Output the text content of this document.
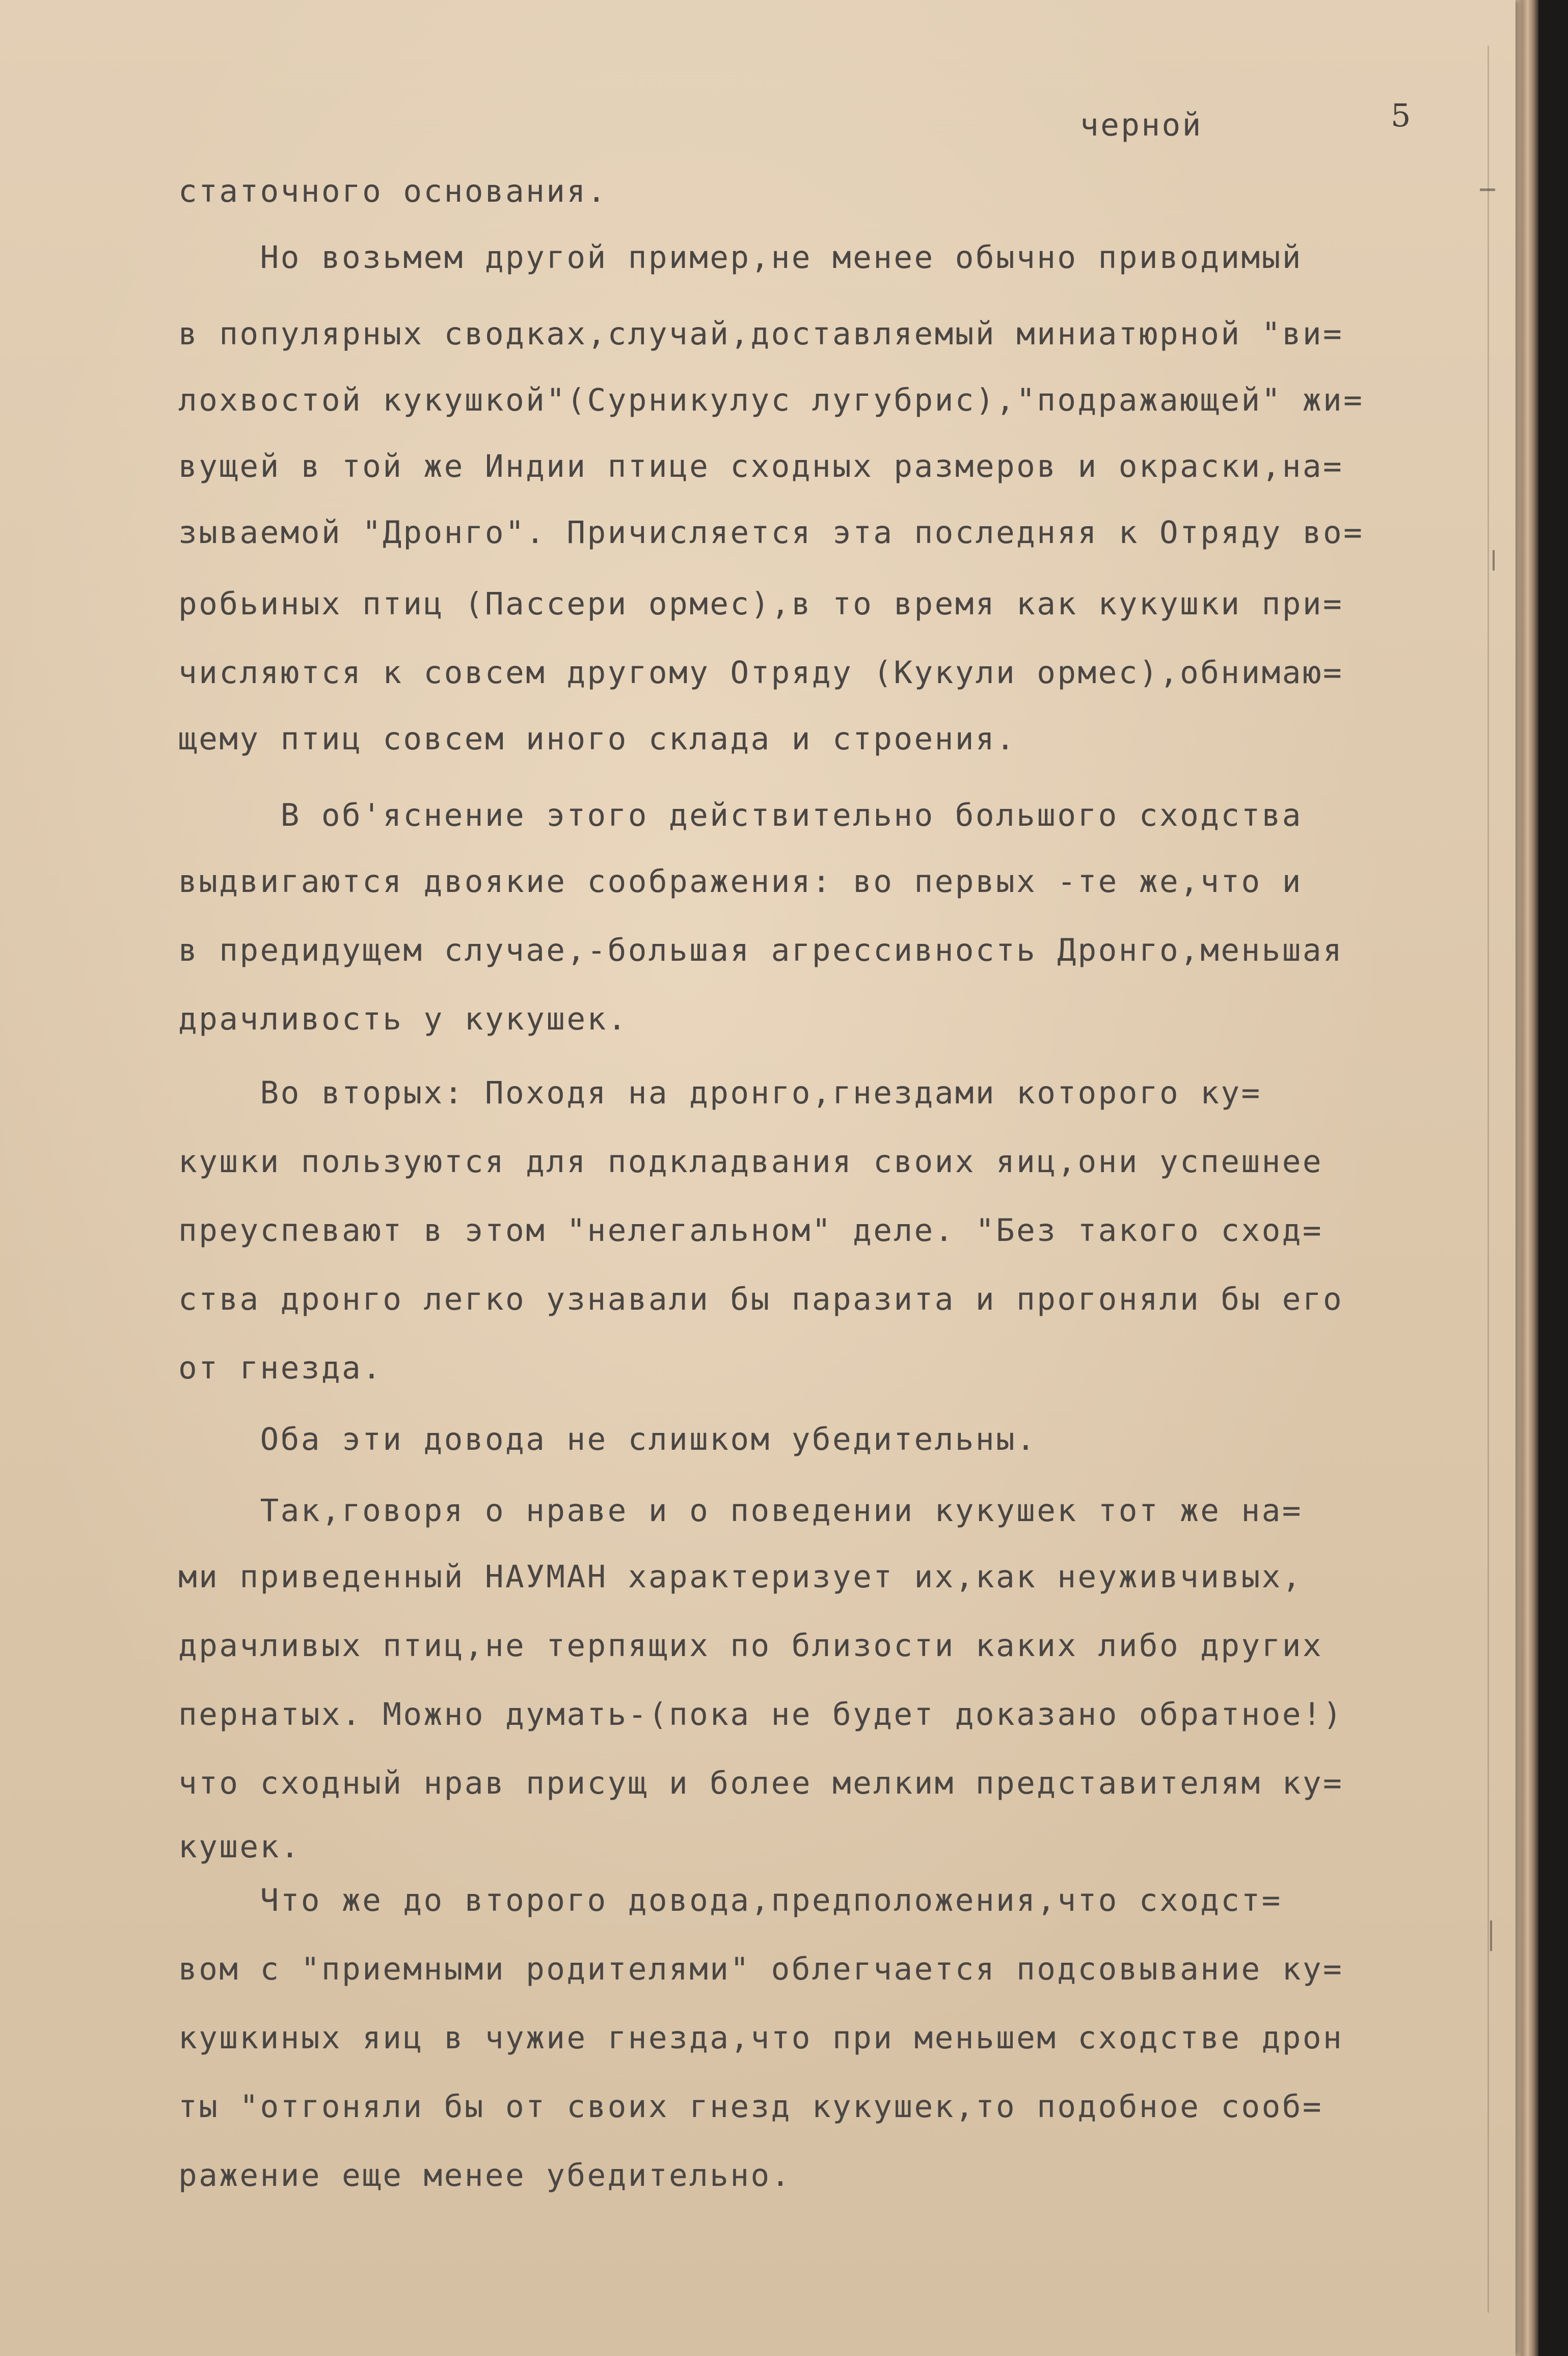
5
черной
статочного основания.
Но возьмем другой пример,не менее обычно приводимый
в популярных сводках,случай,доставляемый миниатюрной "ви=
лохвостой кукушкой"(Сурникулус лугубрис),"подражающей" жи=
вущей в той же Индии птице сходных размеров и окраски,на=
зываемой "Дронго". Причисляется эта последняя к Отряду во=
робьиных птиц (Пассери ормес),в то время как кукушки при=
числяются к совсем другому Отряду (Кукули ормес),обнимаю=
щему птиц совсем иного склада и строения.
В об'яснение этого действительно большого сходства
выдвигаются двоякие соображения: во первых -те же,что и
в предидущем случае,-большая агрессивность Дронго,меньшая
драчливость у кукушек.
Во вторых: Походя на дронго,гнездами которого ку=
кушки пользуются для подкладвания своих яиц,они успешнее
преуспевают в этом "нелегальном" деле. "Без такого сход=
ства дронго легко узнавали бы паразита и прогоняли бы его
от гнезда.
Оба эти довода не слишком убедительны.
Так,говоря о нраве и о поведении кукушек тот же на=
ми приведенный НАУМАН характеризует их,как неуживчивых,
драчливых птиц,не терпящих по близости каких либо других
пернатых. Можно думать-(пока не будет доказано обратное!)
что сходный нрав присущ и более мелким представителям ку=
кушек.
Что же до второго довода,предположения,что сходст=
вом с "приемными родителями" облегчается подсовывание ку=
кушкиных яиц в чужие гнезда,что при меньшем сходстве дрон
ты "отгоняли бы от своих гнезд кукушек,то подобное сооб=
ражение еще менее убедительно.
